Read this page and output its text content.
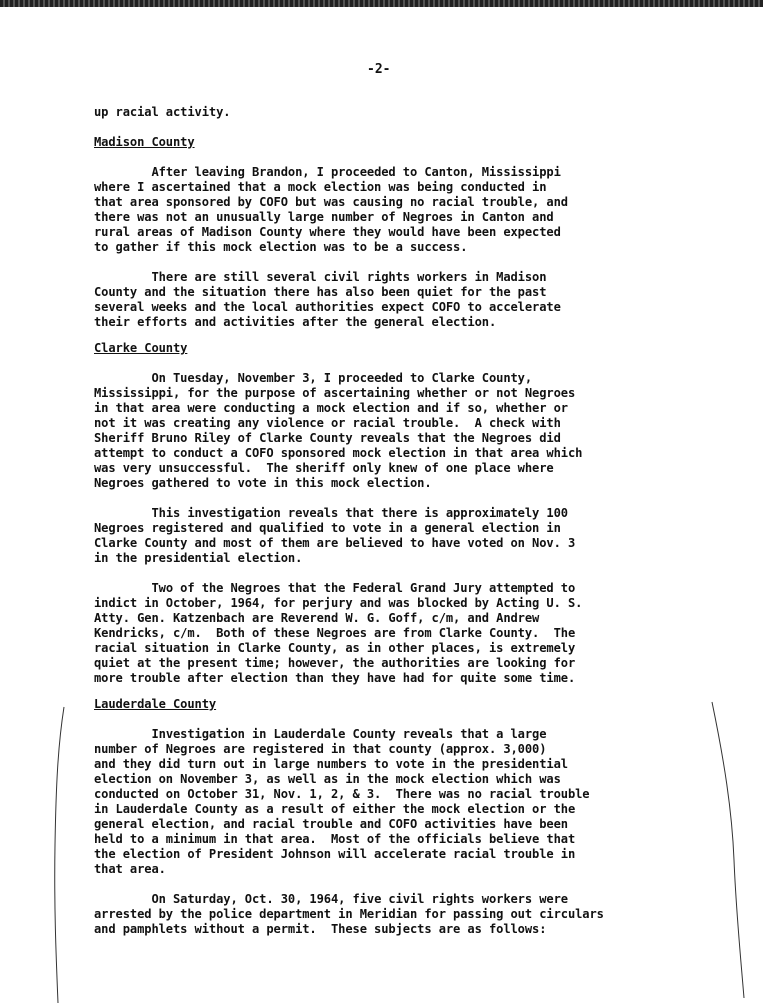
-2-

up racial activity.

Madison County

After leaving Brandon, I proceeded to Canton, Mississippi
where I ascertained that a mock election was being conducted in
that area sponsored by COFO but was causing no racial trouble, and
there was not an unusually large number of Negroes in Canton and
rural areas of Madison County where they would have been expected
to gather if this mock election was to be a success.

There are still several civil rights workers in Madison
County and the situation there has also been quiet for the past
several weeks and the local authorities expect COFO to accelerate
their efforts and activities after the general election.

Clarke County

On Tuesday, November 3, I proceeded to Clarke County,
Mississippi, for the purpose of ascertaining whether or not Negroes
in that area were conducting a mock election and if so, whether or
not it was creating any violence or racial trouble.  A check with
Sheriff Bruno Riley of Clarke County reveals that the Negroes did
attempt to conduct a COFO sponsored mock election in that area which
was very unsuccessful.  The sheriff only knew of one place where
Negroes gathered to vote in this mock election.

This investigation reveals that there is approximately 100
Negroes registered and qualified to vote in a general election in
Clarke County and most of them are believed to have voted on Nov. 3
in the presidential election.

Two of the Negroes that the Federal Grand Jury attempted to
indict in October, 1964, for perjury and was blocked by Acting U. S.
Atty. Gen. Katzenbach are Reverend W. G. Goff, c/m, and Andrew
Kendricks, c/m.  Both of these Negroes are from Clarke County.  The
racial situation in Clarke County, as in other places, is extremely
quiet at the present time; however, the authorities are looking for
more trouble after election than they have had for quite some time.

Lauderdale County

Investigation in Lauderdale County reveals that a large
number of Negroes are registered in that county (approx. 3,000)
and they did turn out in large numbers to vote in the presidential
election on November 3, as well as in the mock election which was
conducted on October 31, Nov. 1, 2, & 3.  There was no racial trouble
in Lauderdale County as a result of either the mock election or the
general election, and racial trouble and COFO activities have been
held to a minimum in that area.  Most of the officials believe that
the election of President Johnson will accelerate racial trouble in
that area.

On Saturday, Oct. 30, 1964, five civil rights workers were
arrested by the police department in Meridian for passing out circulars
and pamphlets without a permit.  These subjects are as follows:
